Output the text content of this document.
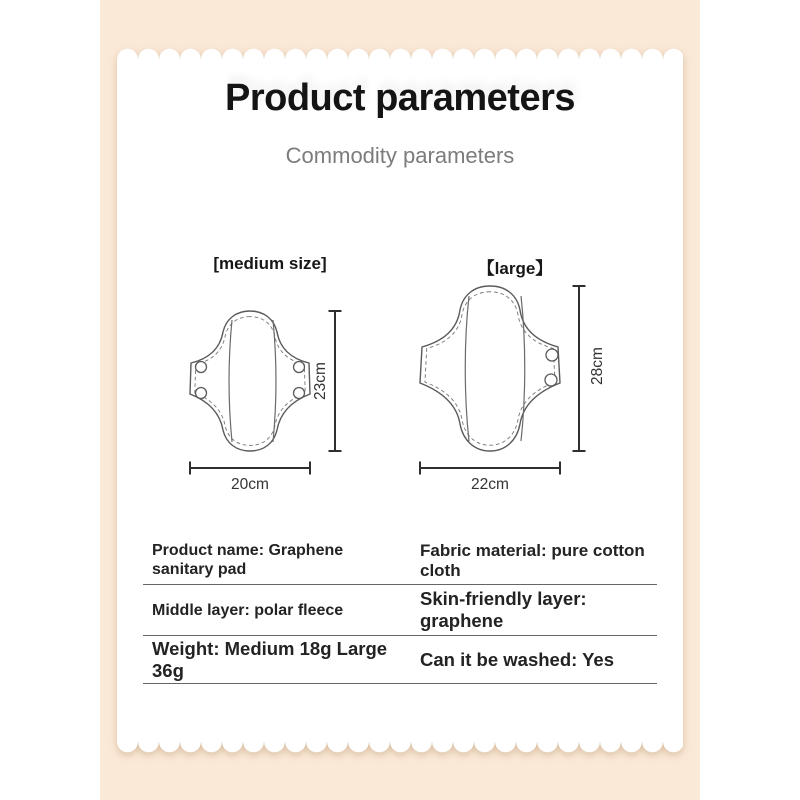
Product parameters
Commodity parameters
[medium size]
23cm
20cm
【large】
28cm
22cm
Product name: Graphene sanitary pad
Fabric material: pure cotton cloth
Middle layer: polar fleece
Skin-friendly layer: graphene
Weight: Medium 18g Large 36g
Can it be washed: Yes
